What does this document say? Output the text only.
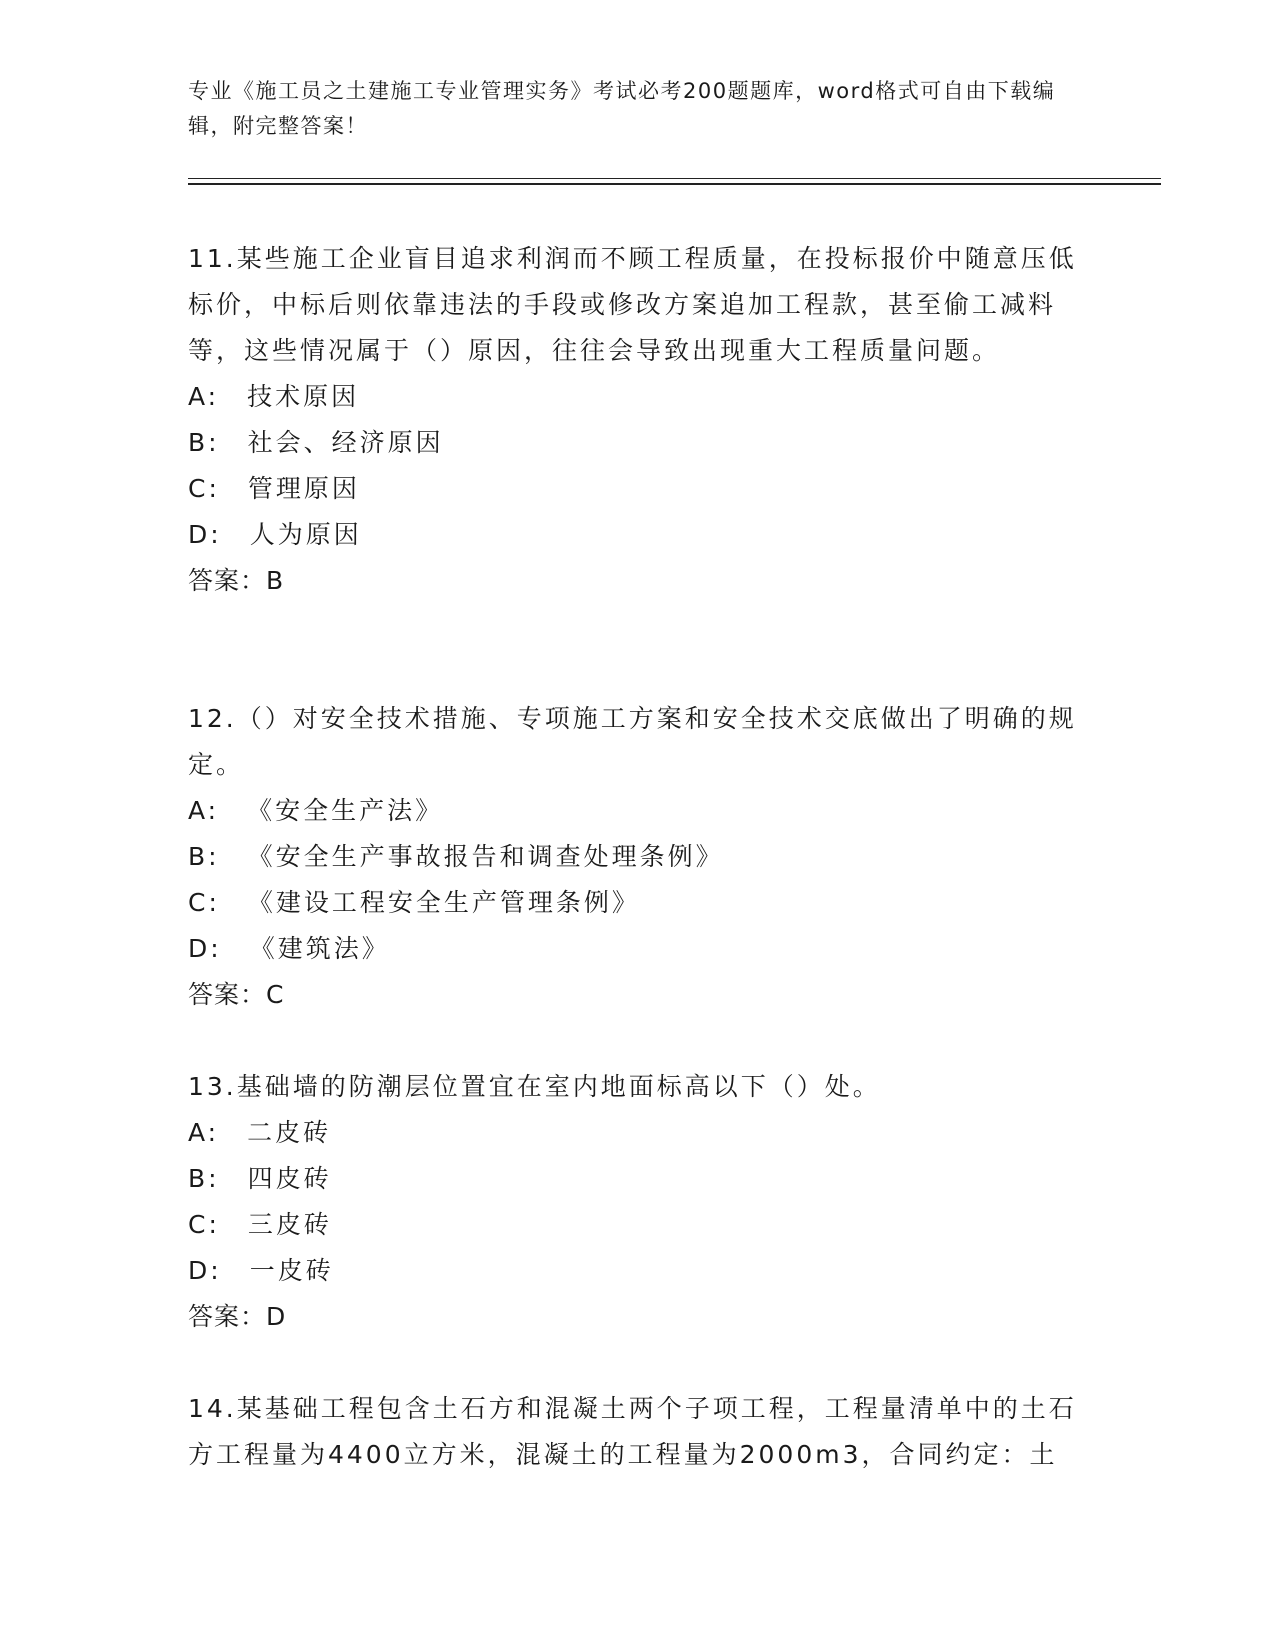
专业《施工员之土建施工专业管理实务》考试必考200题题库，word格式可自由下载编辑，附完整答案！

11.某些施工企业盲目追求利润而不顾工程质量，在投标报价中随意压低标价，中标后则依靠违法的手段或修改方案追加工程款，甚至偷工减料等，这些情况属于（）原因，往往会导致出现重大工程质量问题。

A: 技术原因

B: 社会、经济原因

C: 管理原因

D: 人为原因

答案：B

12.（）对安全技术措施、专项施工方案和安全技术交底做出了明确的规定。

A: 《安全生产法》

B: 《安全生产事故报告和调查处理条例》

C: 《建设工程安全生产管理条例》

D: 《建筑法》

答案：C

13.基础墙的防潮层位置宜在室内地面标高以下（）处。

A: 二皮砖

B: 四皮砖

C: 三皮砖

D: 一皮砖

答案：D

14.某基础工程包含土石方和混凝土两个子项工程，工程量清单中的土石方工程量为4400立方米，混凝土的工程量为2000m3，合同约定：土
